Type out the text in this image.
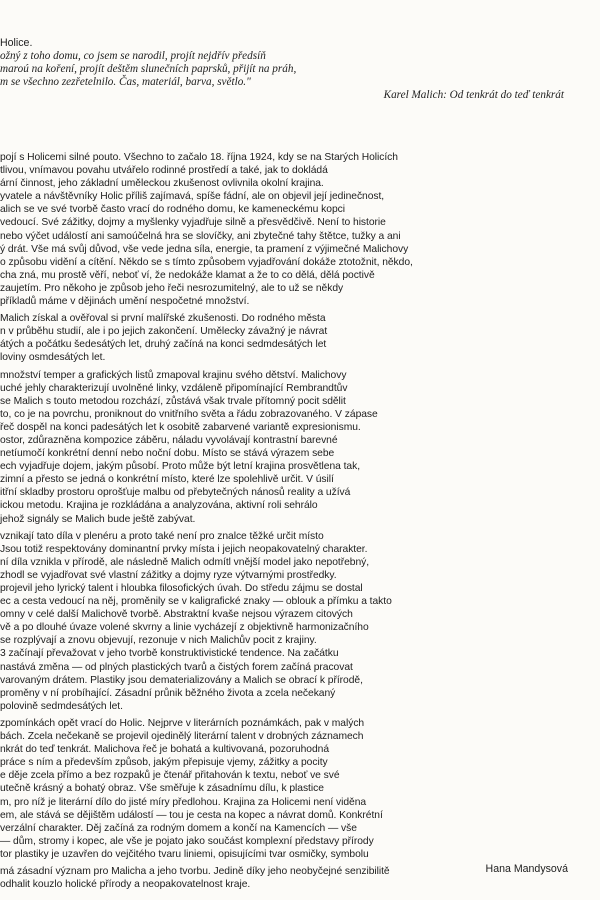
Holice.

ožný z toho domu, co jsem se narodil, projít nejdřív předsíň

maroú na koření, projít deštěm slunečních paprsků, přijít na práh,

m se všechno zezřetelnilo. Čas, materiál, barva, světlo."

Karel Malich: Od tenkrát do teď tenkrát

pojí s Holicemi silné pouto. Všechno to začalo 18. října 1924, kdy se na Starých Holicích
tlivou, vnímavou povahu utvářelo rodinné prostředí a také, jak to dokládá
ární činnost, jeho základní uměleckou zkušenost ovlivnila okolní krajina.
yvatele a návštěvníky Holic příliš zajímavá, spíše fádní, ale on objevil její jedinečnost,
alich se ve své tvorbě často vrací do rodného domu, ke kameneckému kopci
vedoucí. Své zážitky, dojmy a myšlenky vyjadřuje silně a přesvědčivě. Není to historie
nebo výčet událostí ani samoúčelná hra se slovíčky, ani zbytečné tahy štětce, tužky a ani
ý drát. Vše má svůj důvod, vše vede jedna síla, energie, ta pramení z výjimečné Malichovy
o způsobu vidění a cítění. Někdo se s tímto způsobem vyjadřování dokáže ztotožnit, někdo,
cha zná, mu prostě věří, neboť ví, že nedokáže klamat a že to co dělá, dělá poctivě
zaujetím. Pro někoho je způsob jeho řeči nesrozumitelný, ale to už se někdy
příkladů máme v dějinách umění nespočetné množství.

Malich získal a ověřoval si první malířské zkušenosti. Do rodného města
n v průběhu studií, ale i po jejich zakončení. Umělecky závažný je návrat
átých a počátku šedesátých let, druhý začíná na konci sedmdesátých let
loviny osmdesátých let.

množství temper a grafických listů zmapoval krajinu svého dětství. Malichovy
uché jehly charakterizují uvolněné linky, vzdáleně připomínající Rembrandtův
se Malich s touto metodou rozchází, zůstává však trvale přítomný pocit sdělit
to, co je na povrchu, proniknout do vnitřního světa a řádu zobrazovaného. V zápase
řeč dospěl na konci padesátých let k osobitě zabarvené variantě expresionismu.
ostor, zdůrazněna kompozice záběru, náladu vyvolávají kontrastní barevné
netíumočí konkrétní denní nebo noční dobu. Místo se stává výrazem sebe
ech vyjadřuje dojem, jakým působí. Proto může být letní krajina prosvětlena tak,
zimní a přesto se jedná o konkrétní místo, které lze spolehlivě určit. V úsilí
itřní skladby prostoru oprošťuje malbu od přebytečných nánosů reality a užívá
ickou metodu. Krajina je rozkládána a analyzována, aktivní roli sehrálo
jehož signály se Malich bude ještě zabývat.

vznikají tato díla v plenéru a proto také není pro znalce těžké určit místo
Jsou totiž respektovány dominantní prvky místa i jejich neopakovatelný charakter.
ní díla vznikla v přírodě, ale následně Malich odmítl vnější model jako nepotřebný,
zhodl se vyjadřovat své vlastní zážitky a dojmy ryze výtvarnými prostředky.
projevil jeho lyrický talent i hloubka filosofických úvah. Do středu zájmu se dostal
ec a cesta vedoucí na něj, proměnily se v kaligrafické znaky — oblouk a přímku a takto
omny v celé další Malichově tvorbě. Abstraktní kvaše nejsou výrazem citových
vě a po dlouhé úvaze volené skvrny a linie vycházejí z objektivně harmonizačního
se rozplývají a znovu objevují, rezonuje v nich Malichův pocit z krajiny.
3 začínají převažovat v jeho tvorbě konstruktivistické tendence. Na začátku
nastává změna — od plných plastických tvarů a čistých forem začíná pracovat
varovaným drátem. Plastiky jsou dematerializovány a Malich se obrací k přírodě,
proměny v ní probíhající. Zásadní průnik běžného života a zcela nečekaný
polovině sedmdesátých let.

zpomínkách opět vrací do Holic. Nejprve v literárních poznámkách, pak v malých
bách. Zcela nečekaně se projevil ojedinělý literární talent v drobných záznamech
nkrát do teď tenkrát. Malichova řeč je bohatá a kultivovaná, pozoruhodná
práce s ním a především způsob, jakým přepisuje vjemy, zážitky a pocity
e děje zcela přímo a bez rozpaků je čtenář přitahován k textu, neboť ve své
utečně krásný a bohatý obraz. Vše směřuje k zásadnímu dílu, k plastice
m, pro níž je literární dílo do jisté míry předlohou. Krajina za Holicemi není viděna
em, ale stává se dějištěm událostí — tou je cesta na kopec a návrat domů. Konkrétní
verzální charakter. Děj začíná za rodným domem a končí na Kamencích — vše
— dům, stromy i kopec, ale vše je pojato jako součást komplexní představy přírody
tor plastiky je uzavřen do vejčitého tvaru liniemi, opisujícími tvar osmičky, symbolu

má zásadní význam pro Malicha a jeho tvorbu. Jedině díky jeho neobyčejné senzibilitě
odhalit kouzlo holické přírody a neopakovatelnost kraje.

Hana Mandysová
